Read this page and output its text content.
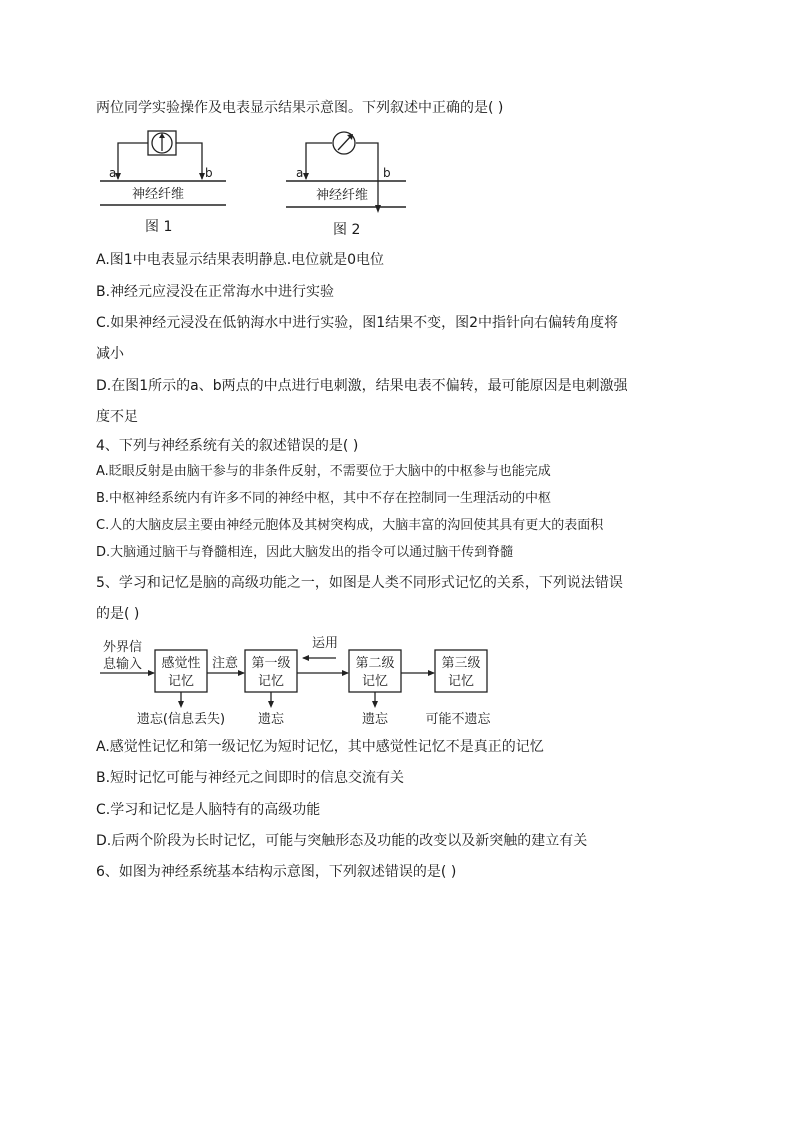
两位同学实验操作及电表显示结果示意图。下列叙述中正确的是( )
a	b
神经纤维
图 1
a	b
神经纤维
图 2
A.图1中电表显示结果表明静息.电位就是0电位
B.神经元应浸没在正常海水中进行实验
C.如果神经元浸没在低钠海水中进行实验，图1结果不变，图2中指针向右偏转角度将
减小
D.在图1所示的a、b两点的中点进行电刺激，结果电表不偏转，最可能原因是电刺激强
度不足
4、下列与神经系统有关的叙述错误的是( )
A.眨眼反射是由脑干参与的非条件反射，不需要位于大脑中的中枢参与也能完成
B.中枢神经系统内有许多不同的神经中枢，其中不存在控制同一生理活动的中枢
C.人的大脑皮层主要由神经元胞体及其树突构成，大脑丰富的沟回使其具有更大的表面积
D.大脑通过脑干与脊髓相连，因此大脑发出的指令可以通过脑干传到脊髓
5、学习和记忆是脑的高级功能之一，如图是人类不同形式记忆的关系，下列说法错误
的是( )
外界信
息输入 感觉性
记忆
注意 第一级
记忆
运用
第二级
记忆
第三级
记忆
遗忘(信息丢失)	遗忘	遗忘	可能不遗忘
A.感觉性记忆和第一级记忆为短时记忆，其中感觉性记忆不是真正的记忆
B.短时记忆可能与神经元之间即时的信息交流有关
C.学习和记忆是人脑特有的高级功能
D.后两个阶段为长时记忆，可能与突触形态及功能的改变以及新突触的建立有关
6、如图为神经系统基本结构示意图，下列叙述错误的是( )
